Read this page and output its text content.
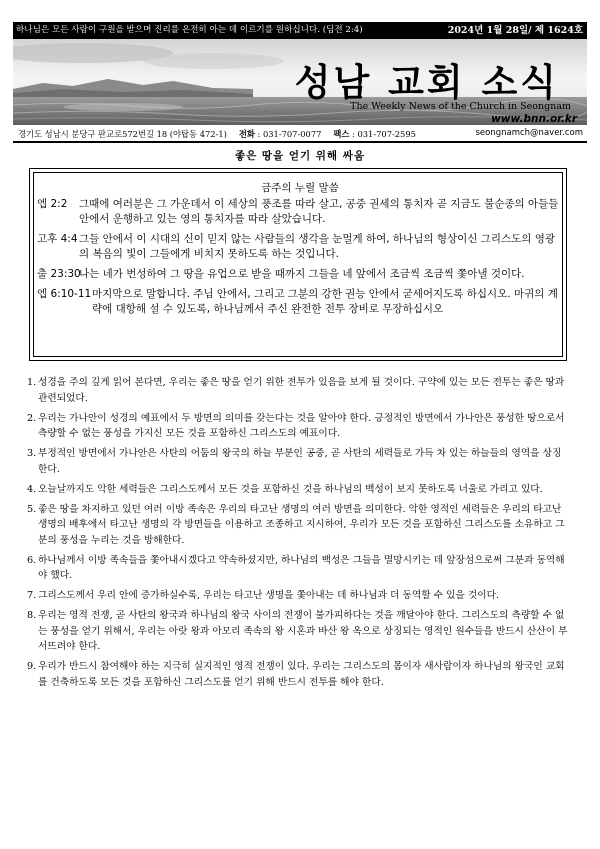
하나님은 모든 사람이 구원을 받으며 진리를 온전히 아는 데 이르기를 원하십니다. (딤전 2:4)	2024년 1월 28일/ 제 1624호
성남 교회 소식
The Weekly News of the Church in Seongnam
www.bnn.or.kr
경기도 성남시 분당구 판교로572번길 18 (야탑동 472-1) 전화 : 031-707-0077 팩스 : 031-707-2595	seongnamch@naver.com
좋은 땅을 얻기 위해 싸움
금주의 누릴 말씀
엡 2:2 그때에 여러분은 그 가운데서 이 세상의 풍조를 따라 살고, 공중 권세의 통치자 곧 지금도 불순종의 아들들 안에서 운행하고 있는 영의 통치자를 따라 살았습니다.
고후 4:4 그들 안에서 이 시대의 신이 믿지 않는 사람들의 생각을 눈멀게 하여, 하나님의 형상이신 그리스도의 영광의 복음의 빛이 그들에게 비치지 못하도록 하는 것입니다.
출 23:30
나는 네가 번성하여 그 땅을 유업으로 받을 때까지 그들을 네 앞에서 조금씩 조금씩 쫓아낼 것이다.
엡 6:10-11 마지막으로 말합니다. 주님 안에서, 그리고 그분의 강한 권능 안에서 굳세어지도록 하십시오. 마귀의 계략에 대항해 설 수 있도록, 하나님께서 주신 완전한 전투 장비로 무장하십시오
1. 성경을 주의 깊게 읽어 본다면, 우리는 좋은 땅을 얻기 위한 전투가 있음을 보게 될 것이다. 구약에 있는 모든 전투는 좋은 땅과 관련되었다.
2. 우리는 가나안이 성경의 예표에서 두 방면의 의미를 갖는다는 것을 알아야 한다. 긍정적인 방면에서 가나안은 풍성한 땅으로서 측량할 수 없는 풍성을 가지신 모든 것을 포함하신 그리스도의 예표이다.
3. 부정적인 방면에서 가나안은 사탄의 어둠의 왕국의 하늘 부분인 공중, 곧 사탄의 세력들로 가득 차 있는 하늘들의 영역을 상징한다.
4. 오늘날까지도 악한 세력들은 그리스도께서 모든 것을 포함하신 것을 하나님의 백성이 보지 못하도록 너울로 가리고 있다.
5. 좋은 땅을 차지하고 있던 여러 이방 족속은 우리의 타고난 생명의 여러 방면을 의미한다. 악한 영적인 세력들은 우리의 타고난 생명의 배후에서 타고난 생명의 각 방면들을 이용하고 조종하고 지시하여, 우리가 모든 것을 포함하신 그리스도를 소유하고 그분의 풍성을 누리는 것을 방해한다.
6. 하나님께서 이방 족속들을 쫓아내시겠다고 약속하셨지만, 하나님의 백성은 그들을 멸망시키는 데 앞장섬으로써 그분과 동역해야 했다.
7. 그리스도께서 우리 안에 증가하실수록, 우리는 타고난 생명을 쫓아내는 데 하나님과 더 동역할 수 있을 것이다.
8. 우리는 영적 전쟁, 곧 사탄의 왕국과 하나님의 왕국 사이의 전쟁이 불가피하다는 것을 깨달아야 한다. 그리스도의 측량할 수 없는 풍성을 얻기 위해서, 우리는 아랏 왕과 아모리 족속의 왕 시혼과 바산 왕 옥으로 상징되는 영적인 원수들을 반드시 산산이 부서뜨려야 한다.
9. 우리가 반드시 참여해야 하는 지극히 실지적인 영적 전쟁이 있다. 우리는 그리스도의 몸이자 새사람이자 하나님의 왕국인 교회를 건축하도록 모든 것을 포함하신 그리스도를 얻기 위해 반드시 전투를 해야 한다.
